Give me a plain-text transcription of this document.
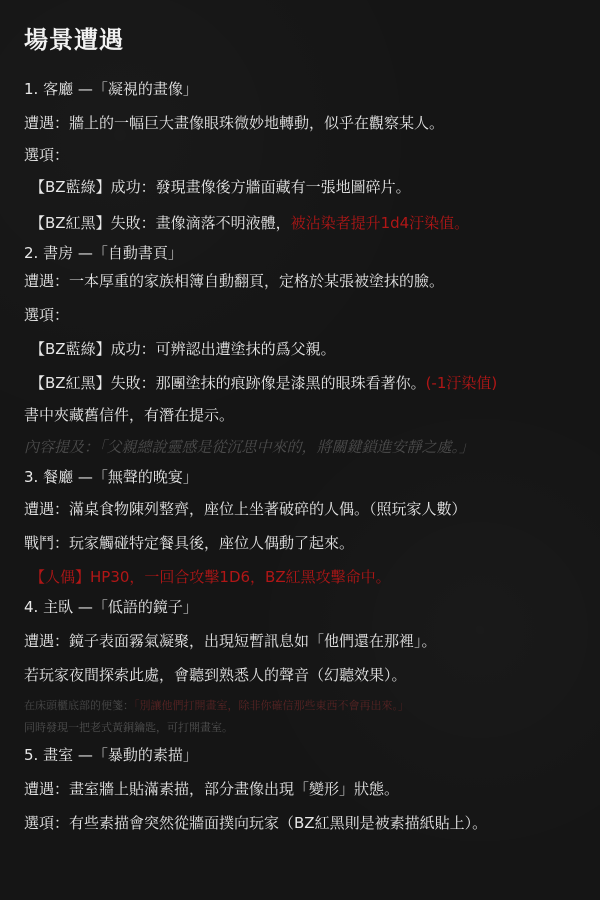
場景遭遇
1. 客廳 —「凝視的畫像」
遭遇：牆上的一幅巨大畫像眼珠微妙地轉動，似乎在觀察某人。
選項：
【BZ藍綠】成功：發現畫像後方牆面藏有一張地圖碎片。
【BZ紅黑】失敗：畫像滴落不明液體，被沾染者提升1d4汙染值。
2. 書房 —「自動書頁」
遭遇：一本厚重的家族相簿自動翻頁，定格於某張被塗抹的臉。
選項：
【BZ藍綠】成功：可辨認出遭塗抹的爲父親。
【BZ紅黑】失敗：那團塗抹的痕跡像是漆黑的眼珠看著你。(-1汙染值)
書中夾藏舊信件，有潛在提示。
內容提及：「父親總說靈感是從沉思中來的，將關鍵鎖進安靜之處。」
3. 餐廳 —「無聲的晚宴」
遭遇：滿桌食物陳列整齊，座位上坐著破碎的人偶。（照玩家人數）
戰鬥：玩家觸碰特定餐具後，座位人偶動了起來。
【人偶】HP30，一回合攻擊1D6，BZ紅黑攻擊命中。
4. 主臥 —「低語的鏡子」
遭遇：鏡子表面霧氣凝聚，出現短暫訊息如「他們還在那裡」。
若玩家夜間探索此處，會聽到熟悉人的聲音（幻聽效果）。
在床頭櫃底部的便箋：「別讓他們打開畫室，除非你確信那些東西不會再出來。」
同時發現一把老式黃銅鑰匙，可打開畫室。
5. 畫室 —「暴動的素描」
遭遇：畫室牆上貼滿素描，部分畫像出現「變形」狀態。
選項：有些素描會突然從牆面撲向玩家（BZ紅黑則是被素描紙貼上）。
